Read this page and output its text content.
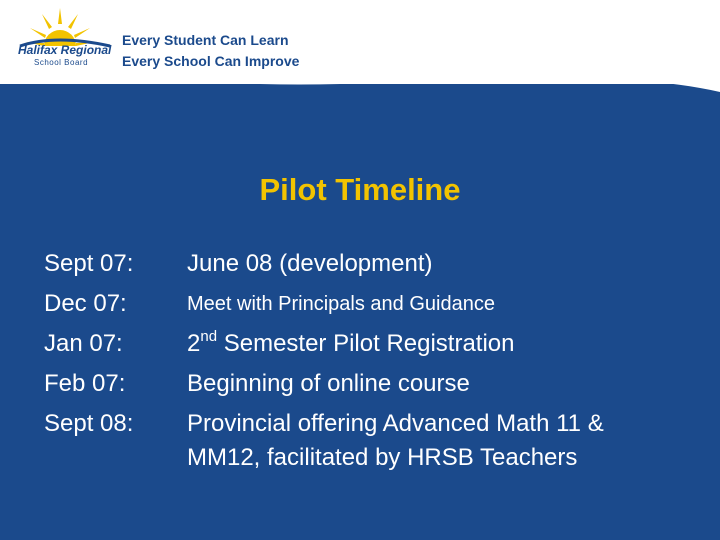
Halifax Regional
School Board
Every Student Can Learn
Every School Can Improve
Pilot Timeline
Sept 07: June 08 (development)
Dec 07:	Meet with Principals and Guidance
Jan 07:	2nd Semester Pilot Registration
Feb 07:	Beginning of online course
Sept 08: Provincial offering Advanced Math 11 &
MM12, facilitated by HRSB Teachers
